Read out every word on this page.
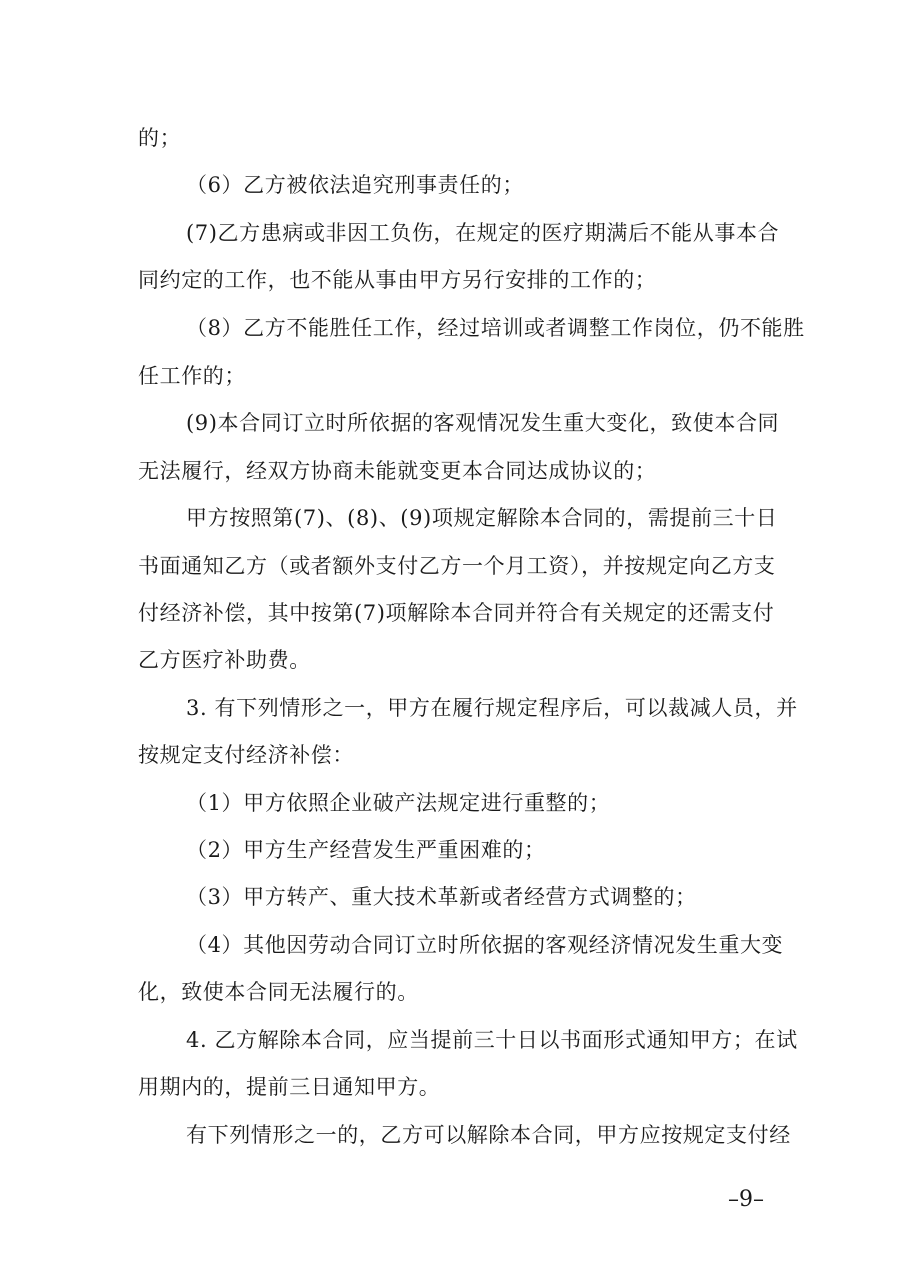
的；
（6）乙方被依法追究刑事责任的；
(7)乙方患病或非因工负伤，在规定的医疗期满后不能从事本合
同约定的工作，也不能从事由甲方另行安排的工作的；
（8）乙方不能胜任工作，经过培训或者调整工作岗位，仍不能胜
任工作的；
(9)本合同订立时所依据的客观情况发生重大变化，致使本合同
无法履行，经双方协商未能就变更本合同达成协议的；
甲方按照第(7)、(8)、(9)项规定解除本合同的，需提前三十日
书面通知乙方（或者额外支付乙方一个月工资），并按规定向乙方支
付经济补偿，其中按第(7)项解除本合同并符合有关规定的还需支付
乙方医疗补助费。
3. 有下列情形之一，甲方在履行规定程序后，可以裁减人员，并
按规定支付经济补偿：
（1）甲方依照企业破产法规定进行重整的；
（2）甲方生产经营发生严重困难的；
（3）甲方转产、重大技术革新或者经营方式调整的；
（4）其他因劳动合同订立时所依据的客观经济情况发生重大变
化，致使本合同无法履行的。
4. 乙方解除本合同，应当提前三十日以书面形式通知甲方；在试
用期内的，提前三日通知甲方。
有下列情形之一的，乙方可以解除本合同，甲方应按规定支付经
–9–
